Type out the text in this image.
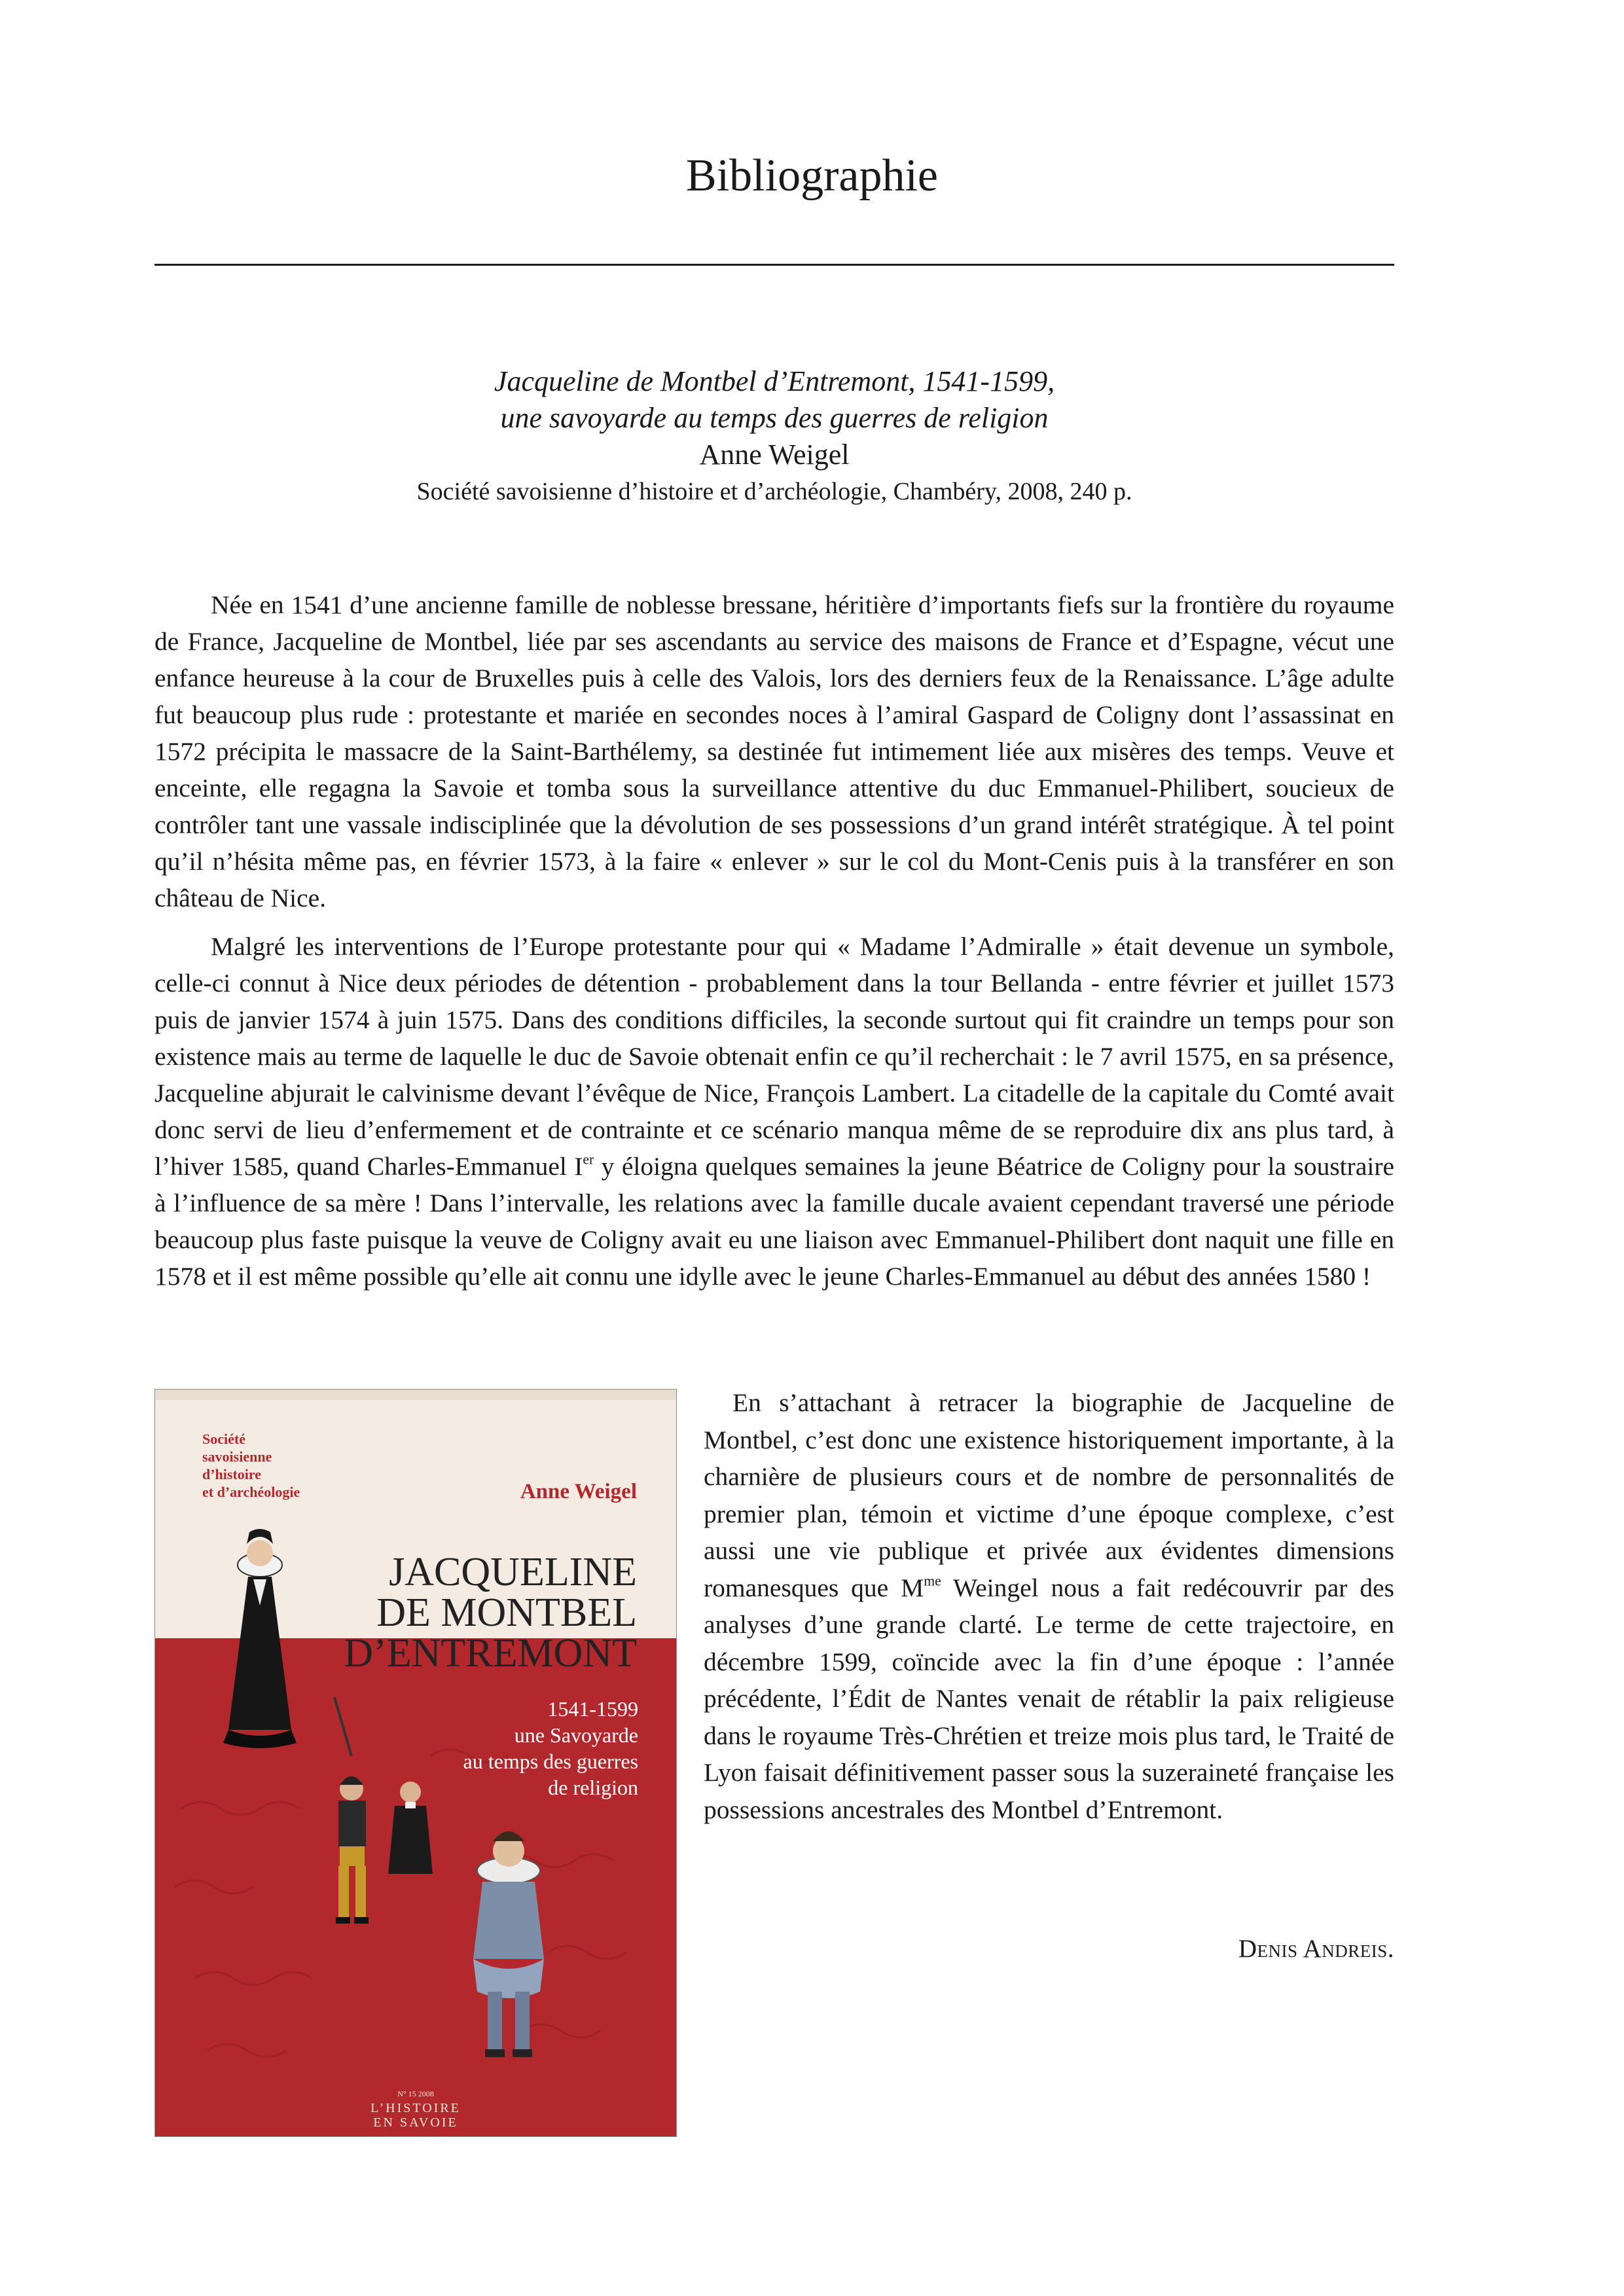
Bibliographie
Jacqueline de Montbel d’Entremont, 1541-1599,
une savoyarde au temps des guerres de religion
Anne Weigel
Société savoisienne d’histoire et d’archéologie, Chambéry, 2008, 240 p.

Née en 1541 d’une ancienne famille de noblesse bressane, héritière d’importants fiefs sur la frontière du royaume de France, Jacqueline de Montbel, liée par ses ascendants au service des maisons de France et d’Espagne, vécut une enfance heureuse à la cour de Bruxelles puis à celle des Valois, lors des derniers feux de la Renaissance. L’âge adulte fut beaucoup plus rude : protestante et mariée en secondes noces à l’amiral Gaspard de Coligny dont l’assassinat en 1572 précipita le massacre de la Saint-Barthélemy, sa destinée fut intimement liée aux misères des temps. Veuve et enceinte, elle regagna la Savoie et tomba sous la surveillance attentive du duc Emmanuel-Philibert, soucieux de contrôler tant une vassale indisciplinée que la dévolution de ses possessions d’un grand intérêt stratégique. À tel point qu’il n’hésita même pas, en février 1573, à la faire « enlever » sur le col du Mont-Cenis puis à la transférer en son château de Nice.

Malgré les interventions de l’Europe protestante pour qui « Madame l’Admiralle » était devenue un symbole, celle-ci connut à Nice deux périodes de détention - probablement dans la tour Bellanda - entre février et juillet 1573 puis de janvier 1574 à juin 1575. Dans des conditions difficiles, la seconde surtout qui fit craindre un temps pour son existence mais au terme de laquelle le duc de Savoie obtenait enfin ce qu’il recherchait : le 7 avril 1575, en sa présence, Jacqueline abjurait le calvinisme devant l’évêque de Nice, François Lambert. La citadelle de la capitale du Comté avait donc servi de lieu d’enfermement et de contrainte et ce scénario manqua même de se reproduire dix ans plus tard, à l’hiver 1585, quand Charles-Emmanuel Ier y éloigna quelques semaines la jeune Béatrice de Coligny pour la soustraire à l’influence de sa mère ! Dans l’intervalle, les relations avec la famille ducale avaient cependant traversé une période beaucoup plus faste puisque la veuve de Coligny avait eu une liaison avec Emmanuel-Philibert dont naquit une fille en 1578 et il est même possible qu’elle ait connu une idylle avec le jeune Charles-Emmanuel au début des années 1580 !

Société
savoisienne
d’histoire
et d’archéologie	Anne Weigel
JACQUELINE
DE MONTBEL
D’ENTREMONT
1541-1599
une Savoyarde
au temps des guerres
de religion
N° 15 2008
L’HISTOIRE
EN SAVOIE

En s’attachant à retracer la biographie de Jacqueline de Montbel, c’est donc une existence historiquement importante, à la charnière de plusieurs cours et de nombre de personnalités de premier plan, témoin et victime d’une époque complexe, c’est aussi une vie publique et privée aux évidentes dimensions romanesques que $M^{me}$ Weingel nous a fait redécouvrir par des analyses d’une grande clarté. Le terme de cette trajectoire, en décembre 1599, coïncide avec la fin d’une époque : l’année précédente, l’Édit de Nantes venait de rétablir la paix religieuse dans le royaume Très-Chrétien et treize mois plus tard, le Traité de Lyon faisait définitivement passer sous la suzeraineté française les possessions ancestrales des Montbel d’Entremont.

Denis Andreis.
